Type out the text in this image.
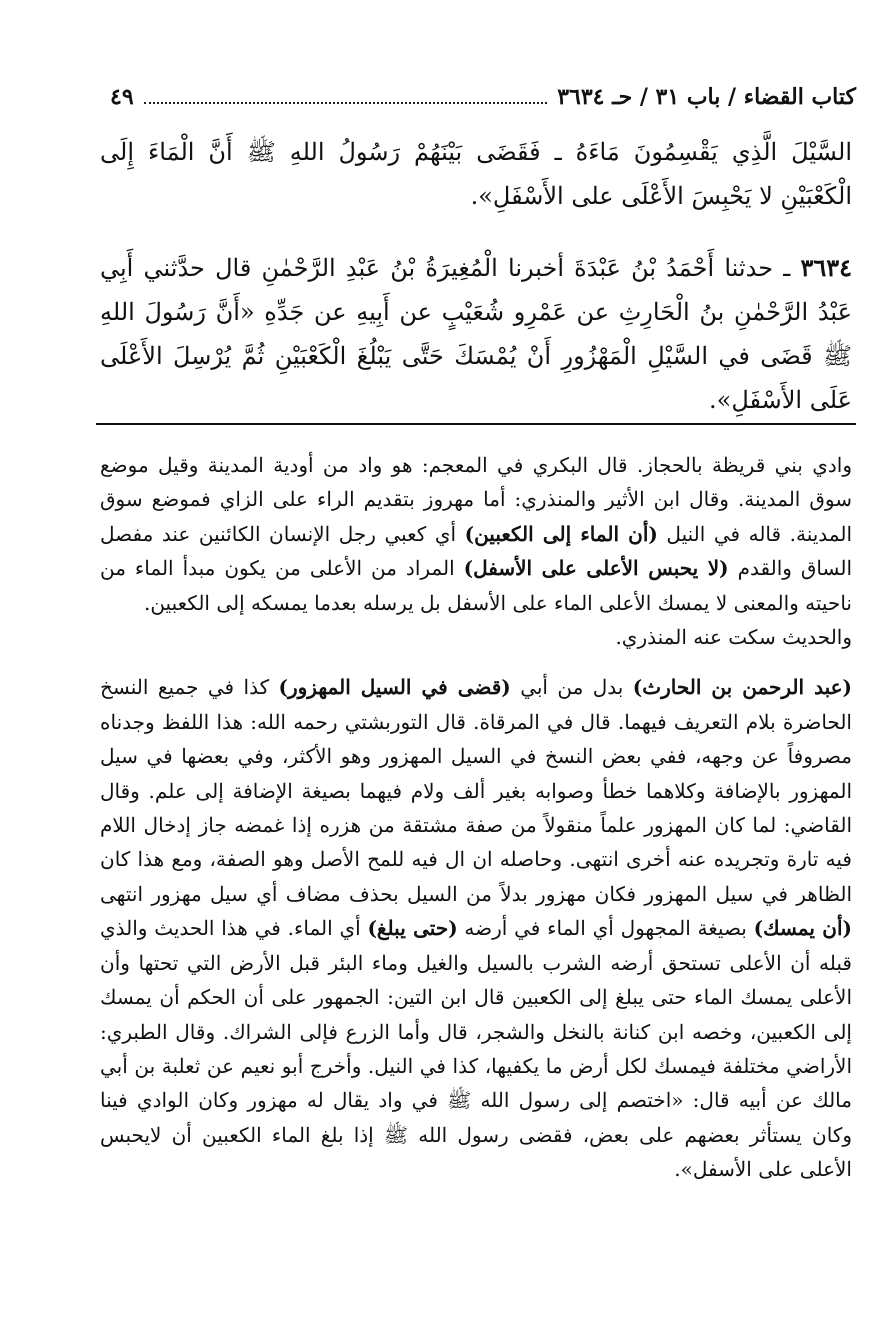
كتاب القضاء / باب ٣١ / حـ ٣٦٣٤
٤٩

السَّيْلَ الَّذِي يَقْسِمُونَ مَاءَهُ ـ فَقَضَى بَيْنَهُمْ رَسُولُ اللهِ ﷺ أَنَّ الْمَاءَ إِلَى الْكَعْبَيْنِ لا يَحْبِسَ الأَعْلَى على الأَسْفَلِ».

٣٦٣٤ ـ حدثنا أَحْمَدُ بْنُ عَبْدَةَ أخبرنا الْمُغِيرَةُ بْنُ عَبْدِ الرَّحْمٰنِ قال حدَّثني أَبِي عَبْدُ الرَّحْمٰنِ بنُ الْحَارِثِ عن عَمْرِو شُعَيْبٍ عن أَبِيهِ عن جَدِّهِ «أَنَّ رَسُولَ اللهِ ﷺ قَضَى في السَّيْلِ الْمَهْزُورِ أَنْ يُمْسَكَ حَتَّى يَبْلُغَ الْكَعْبَيْنِ ثُمَّ يُرْسِلَ الأَعْلَى عَلَى الأَسْفَلِ».

وادي بني قريظة بالحجاز. قال البكري في المعجم: هو واد من أودية المدينة وقيل موضع سوق المدينة. وقال ابن الأثير والمنذري: أما مهروز بتقديم الراء على الزاي فموضع سوق المدينة. قاله في النيل (أن الماء إلى الكعبين) أي كعبي رجل الإنسان الكائنين عند مفصل الساق والقدم (لا يحبس الأعلى على الأسفل) المراد من الأعلى من يكون مبدأ الماء من ناحيته والمعنى لا يمسك الأعلى الماء على الأسفل بل يرسله بعدما يمسكه إلى الكعبين.

والحديث سكت عنه المنذري.

(عبد الرحمن بن الحارث) بدل من أبي (قضى في السيل المهزور) كذا في جميع النسخ الحاضرة بلام التعريف فيهما. قال في المرقاة. قال التوربشتي رحمه الله: هذا اللفظ وجدناه مصروفاً عن وجهه، ففي بعض النسخ في السيل المهزور وهو الأكثر، وفي بعضها في سيل المهزور بالإضافة وكلاهما خطأ وصوابه بغير ألف ولام فيهما بصيغة الإضافة إلى علم. وقال القاضي: لما كان المهزور علماً منقولاً من صفة مشتقة من هزره إذا غمضه جاز إدخال اللام فيه تارة وتجريده عنه أخرى انتهى. وحاصله ان ال فيه للمح الأصل وهو الصفة، ومع هذا كان الظاهر في سيل المهزور فكان مهزور بدلاً من السيل بحذف مضاف أي سيل مهزور انتهى (أن يمسك) بصيغة المجهول أي الماء في أرضه (حتى يبلغ) أي الماء. في هذا الحديث والذي قبله أن الأعلى تستحق أرضه الشرب بالسيل والغيل وماء البئر قبل الأرض التي تحتها وأن الأعلى يمسك الماء حتى يبلغ إلى الكعبين قال ابن التين: الجمهور على أن الحكم أن يمسك إلى الكعبين، وخصه ابن كنانة بالنخل والشجر، قال وأما الزرع فإلى الشراك. وقال الطبري: الأراضي مختلفة فيمسك لكل أرض ما يكفيها، كذا في النيل. وأخرج أبو نعيم عن ثعلبة بن أبي مالك عن أبيه قال: «اختصم إلى رسول الله ﷺ في واد يقال له مهزور وكان الوادي فينا وكان يستأثر بعضهم على بعض، فقضى رسول الله ﷺ إذا بلغ الماء الكعبين أن لايحبس الأعلى على الأسفل».
